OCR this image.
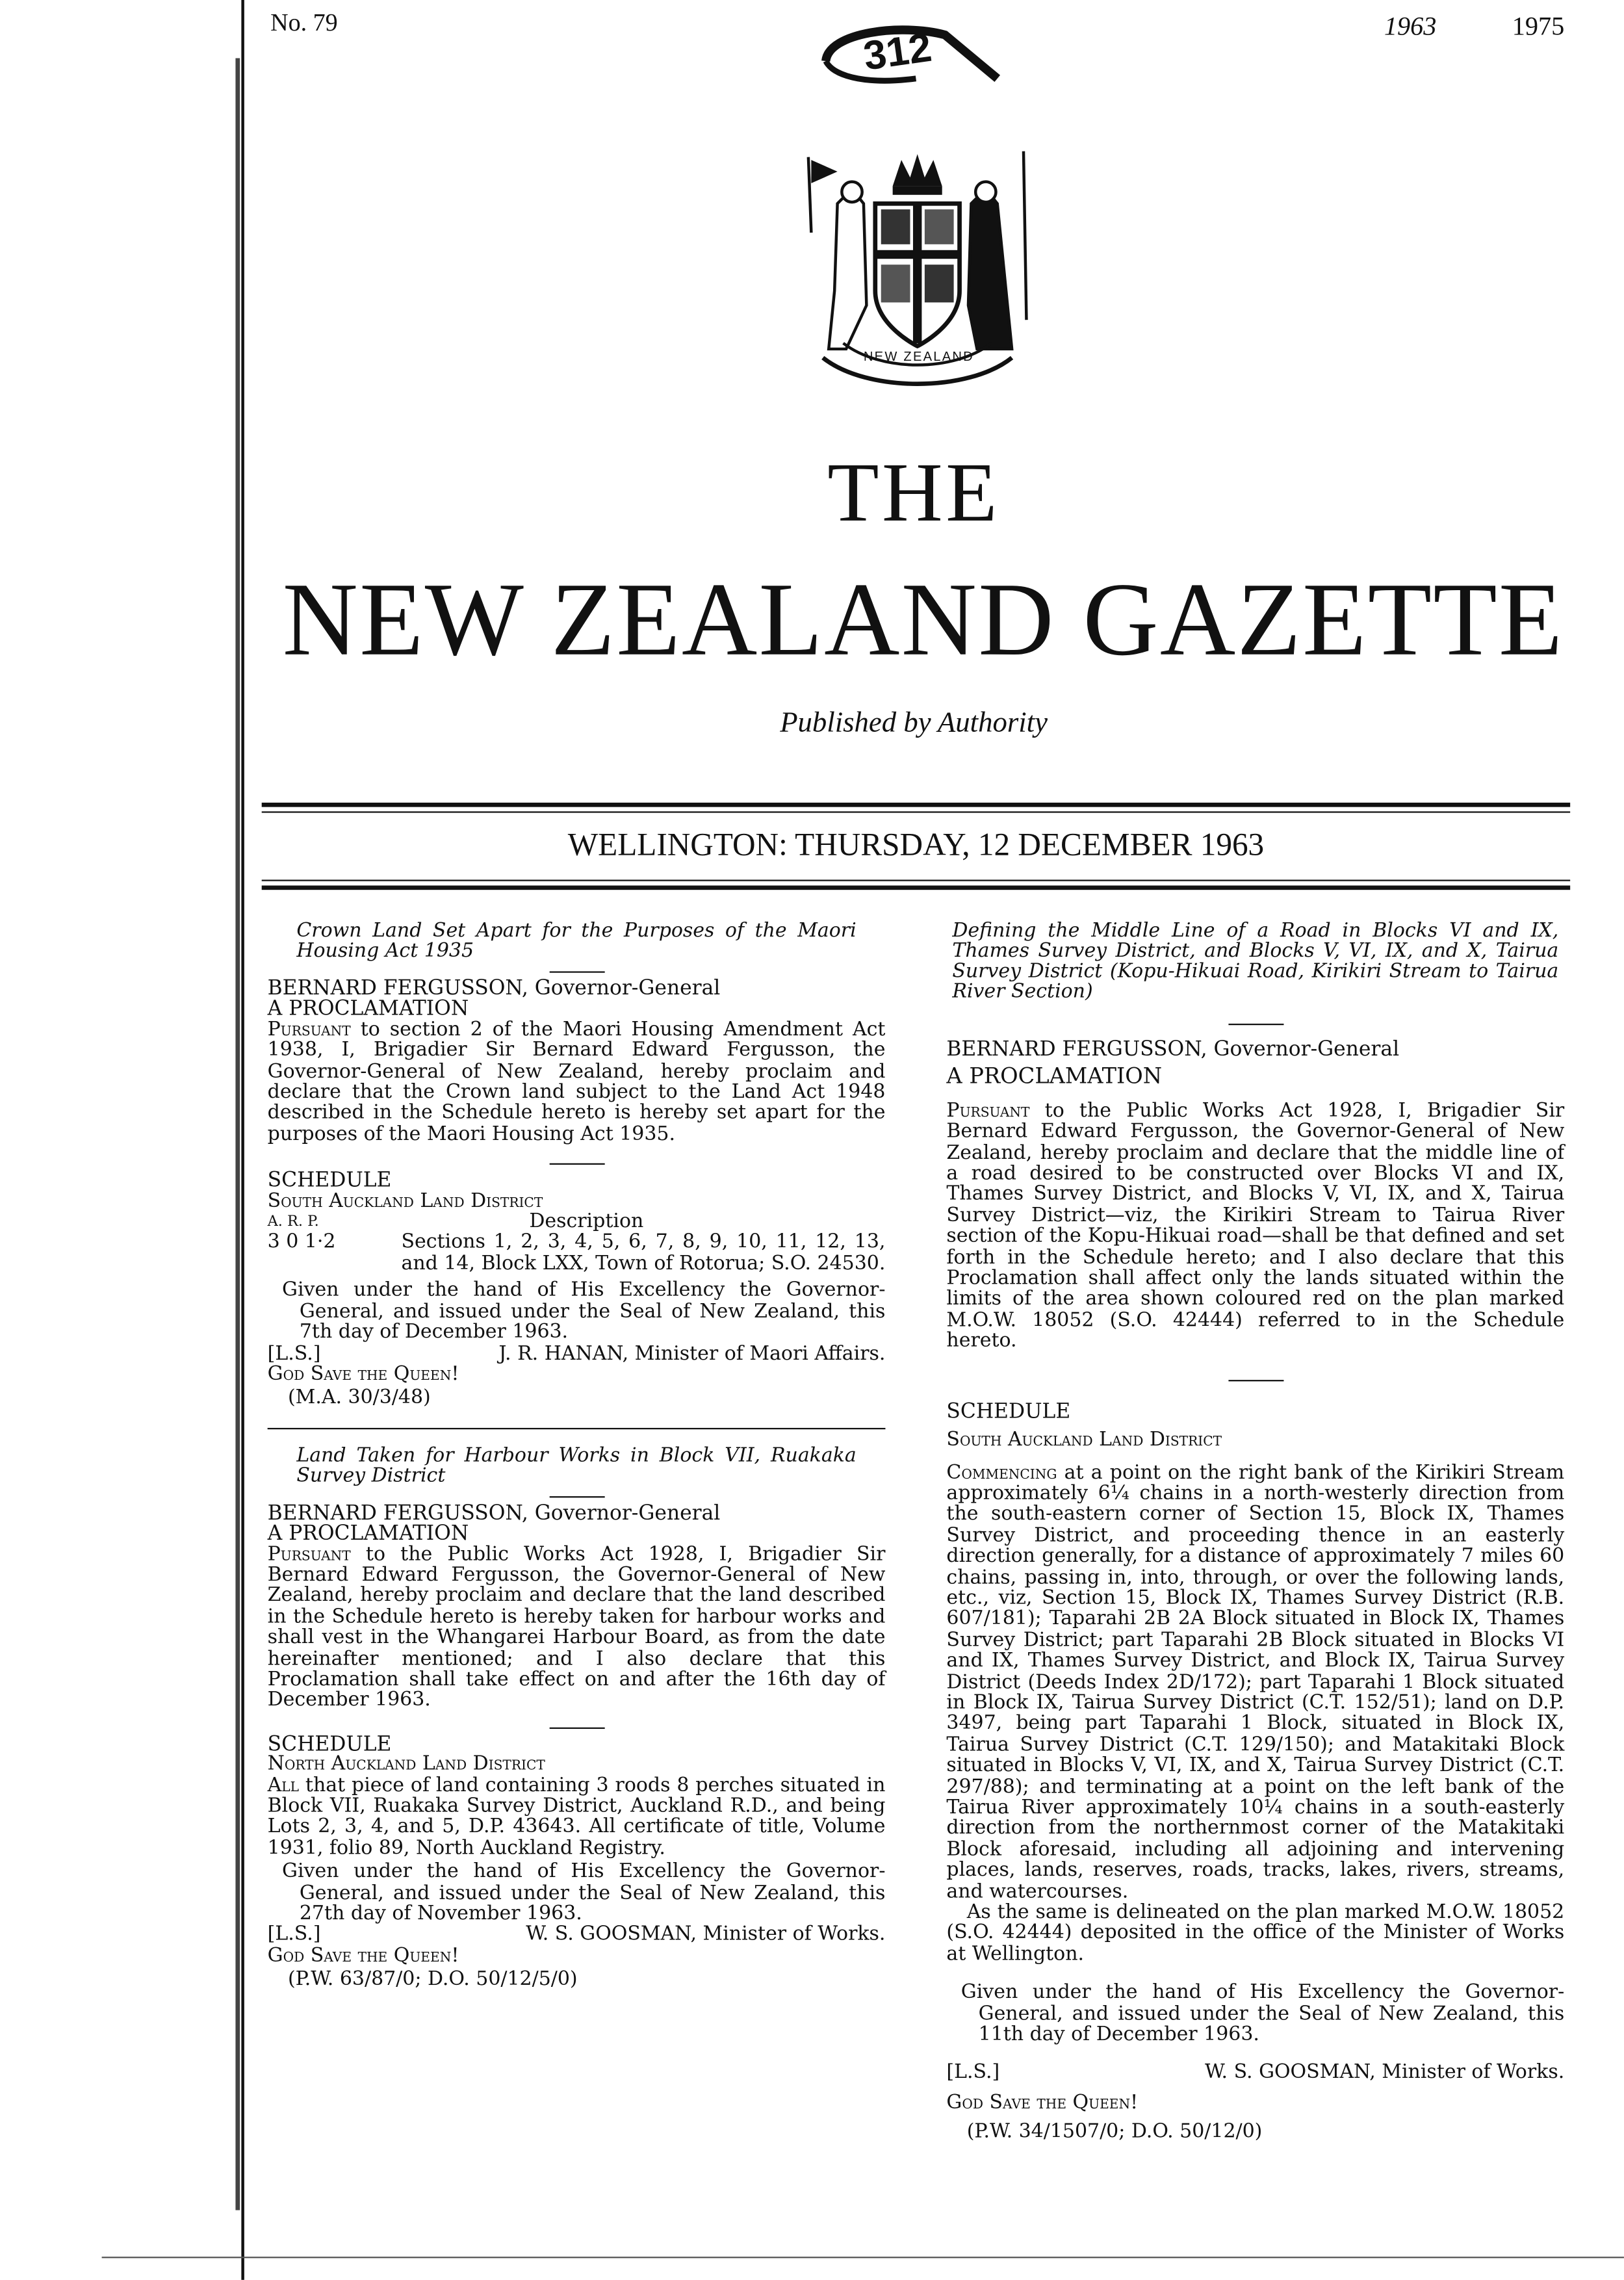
No. 79
312	1963	1975
NEW ZEALAND
THE
NEW ZEALAND GAZETTE
Published by Authority
WELLINGTON: THURSDAY, 12 DECEMBER 1963

Crown Land Set Apart for the Purposes of the Maori Housing Act 1935

BERNARD FERGUSSON, Governor-General

A PROCLAMATION

Pursuant to section 2 of the Maori Housing Amendment Act 1938, I, Brigadier Sir Bernard Edward Fergusson, the Governor-General of New Zealand, hereby proclaim and declare that the Crown land subject to the Land Act 1948 described in the Schedule hereto is hereby set apart for the purposes of the Maori Housing Act 1935.

SCHEDULE

South Auckland Land District

A. R. P.	Description
3 0 1·2	Sections 1, 2, 3, 4, 5, 6, 7, 8, 9, 10, 11, 12, 13, and 14, Block LXX, Town of Rotorua; S.O. 24530.

Given under the hand of His Excellency the Governor-General, and issued under the Seal of New Zealand, this 7th day of December 1963.

[L.S.]	J. R. HANAN, Minister of Maori Affairs.

God Save the Queen!

(M.A. 30/3/48)

Land Taken for Harbour Works in Block VII, Ruakaka Survey District

BERNARD FERGUSSON, Governor-General

A PROCLAMATION

Pursuant to the Public Works Act 1928, I, Brigadier Sir Bernard Edward Fergusson, the Governor-General of New Zealand, hereby proclaim and declare that the land described in the Schedule hereto is hereby taken for harbour works and shall vest in the Whangarei Harbour Board, as from the date hereinafter mentioned; and I also declare that this Proclamation shall take effect on and after the 16th day of December 1963.

SCHEDULE

North Auckland Land District

All that piece of land containing 3 roods 8 perches situated in Block VII, Ruakaka Survey District, Auckland R.D., and being Lots 2, 3, 4, and 5, D.P. 43643. All certificate of title, Volume 1931, folio 89, North Auckland Registry.

Given under the hand of His Excellency the Governor-General, and issued under the Seal of New Zealand, this 27th day of November 1963.

[L.S.]	W. S. GOOSMAN, Minister of Works.

God Save the Queen!

(P.W. 63/87/0; D.O. 50/12/5/0)

Defining the Middle Line of a Road in Blocks VI and IX, Thames Survey District, and Blocks V, VI, IX, and X, Tairua Survey District (Kopu-Hikuai Road, Kirikiri Stream to Tairua River Section)

BERNARD FERGUSSON, Governor-General

A PROCLAMATION

Pursuant to the Public Works Act 1928, I, Brigadier Sir Bernard Edward Fergusson, the Governor-General of New Zealand, hereby proclaim and declare that the middle line of a road desired to be constructed over Blocks VI and IX, Thames Survey District, and Blocks V, VI, IX, and X, Tairua Survey District—viz, the Kirikiri Stream to Tairua River section of the Kopu-Hikuai road—shall be that defined and set forth in the Schedule hereto; and I also declare that this Proclamation shall affect only the lands situated within the limits of the area shown coloured red on the plan marked M.O.W. 18052 (S.O. 42444) referred to in the Schedule hereto.

SCHEDULE

South Auckland Land District

Commencing at a point on the right bank of the Kirikiri Stream approximately 6¼ chains in a north-westerly direction from the south-eastern corner of Section 15, Block IX, Thames Survey District, and proceeding thence in an easterly direction generally, for a distance of approximately 7 miles 60 chains, passing in, into, through, or over the following lands, etc., viz, Section 15, Block IX, Thames Survey District (R.B. 607/181); Taparahi 2B 2A Block situated in Block IX, Thames Survey District; part Taparahi 2B Block situated in Blocks VI and IX, Thames Survey District, and Block IX, Tairua Survey District (Deeds Index 2D/172); part Taparahi 1 Block situated in Block IX, Tairua Survey District (C.T. 152/51); land on D.P. 3497, being part Taparahi 1 Block, situated in Block IX, Tairua Survey District (C.T. 129/150); and Matakitaki Block situated in Blocks V, VI, IX, and X, Tairua Survey District (C.T. 297/88); and terminating at a point on the left bank of the Tairua River approximately 10¼ chains in a south-easterly direction from the northernmost corner of the Matakitaki Block aforesaid, including all adjoining and intervening places, lands, reserves, roads, tracks, lakes, rivers, streams, and watercourses.

As the same is delineated on the plan marked M.O.W. 18052 (S.O. 42444) deposited in the office of the Minister of Works at Wellington.

Given under the hand of His Excellency the Governor-General, and issued under the Seal of New Zealand, this 11th day of December 1963.

[L.S.]	W. S. GOOSMAN, Minister of Works.

God Save the Queen!

(P.W. 34/1507/0; D.O. 50/12/0)
